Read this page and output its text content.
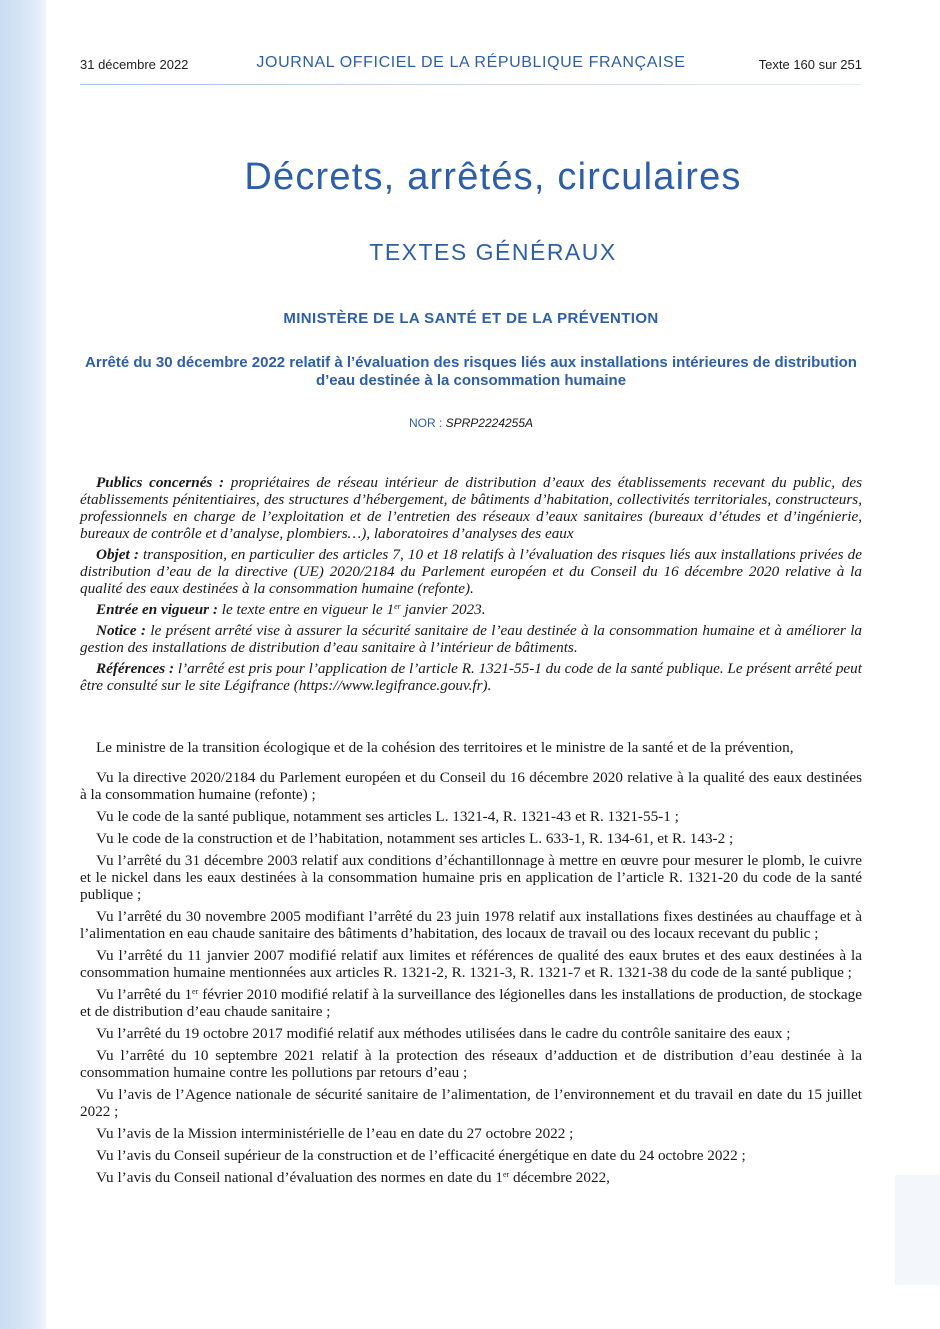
31 décembre 2022	JOURNAL OFFICIEL DE LA RÉPUBLIQUE FRANÇAISE	Texte 160 sur 251
Décrets, arrêtés, circulaires
TEXTES GÉNÉRAUX
MINISTÈRE DE LA SANTÉ ET DE LA PRÉVENTION
Arrêté du 30 décembre 2022 relatif à l’évaluation des risques liés aux installations intérieures de distribution d’eau destinée à la consommation humaine
NOR : SPRP2224255A

Publics concernés : propriétaires de réseau intérieur de distribution d’eaux des établissements recevant du public, des établissements pénitentiaires, des structures d’hébergement, de bâtiments d’habitation, collectivités territoriales, constructeurs, professionnels en charge de l’exploitation et de l’entretien des réseaux d’eaux sanitaires (bureaux d’études et d’ingénierie, bureaux de contrôle et d’analyse, plombiers…), laboratoires d’analyses des eaux

Objet : transposition, en particulier des articles 7, 10 et 18 relatifs à l’évaluation des risques liés aux installations privées de distribution d’eau de la directive (UE) 2020/2184 du Parlement européen et du Conseil du 16 décembre 2020 relative à la qualité des eaux destinées à la consommation humaine (refonte).

Entrée en vigueur : le texte entre en vigueur le 1er janvier 2023.

Notice : le présent arrêté vise à assurer la sécurité sanitaire de l’eau destinée à la consommation humaine et à améliorer la gestion des installations de distribution d’eau sanitaire à l’intérieur de bâtiments.

Références : l’arrêté est pris pour l’application de l’article R. 1321-55-1 du code de la santé publique. Le présent arrêté peut être consulté sur le site Légifrance (https://www.legifrance.gouv.fr).

Le ministre de la transition écologique et de la cohésion des territoires et le ministre de la santé et de la prévention,

Vu la directive 2020/2184 du Parlement européen et du Conseil du 16 décembre 2020 relative à la qualité des eaux destinées à la consommation humaine (refonte) ;

Vu le code de la santé publique, notamment ses articles L. 1321-4, R. 1321-43 et R. 1321-55-1 ;

Vu le code de la construction et de l’habitation, notamment ses articles L. 633-1, R. 134-61, et R. 143-2 ;

Vu l’arrêté du 31 décembre 2003 relatif aux conditions d’échantillonnage à mettre en œuvre pour mesurer le plomb, le cuivre et le nickel dans les eaux destinées à la consommation humaine pris en application de l’article R. 1321-20 du code de la santé publique ;

Vu l’arrêté du 30 novembre 2005 modifiant l’arrêté du 23 juin 1978 relatif aux installations fixes destinées au chauffage et à l’alimentation en eau chaude sanitaire des bâtiments d’habitation, des locaux de travail ou des locaux recevant du public ;

Vu l’arrêté du 11 janvier 2007 modifié relatif aux limites et références de qualité des eaux brutes et des eaux destinées à la consommation humaine mentionnées aux articles R. 1321-2, R. 1321-3, R. 1321-7 et R. 1321-38 du code de la santé publique ;

Vu l’arrêté du 1er février 2010 modifié relatif à la surveillance des légionelles dans les installations de production, de stockage et de distribution d’eau chaude sanitaire ;

Vu l’arrêté du 19 octobre 2017 modifié relatif aux méthodes utilisées dans le cadre du contrôle sanitaire des eaux ;

Vu l’arrêté du 10 septembre 2021 relatif à la protection des réseaux d’adduction et de distribution d’eau destinée à la consommation humaine contre les pollutions par retours d’eau ;

Vu l’avis de l’Agence nationale de sécurité sanitaire de l’alimentation, de l’environnement et du travail en date du 15 juillet 2022 ;

Vu l’avis de la Mission interministérielle de l’eau en date du 27 octobre 2022 ;

Vu l’avis du Conseil supérieur de la construction et de l’efficacité énergétique en date du 24 octobre 2022 ;

Vu l’avis du Conseil national d’évaluation des normes en date du 1er décembre 2022,
